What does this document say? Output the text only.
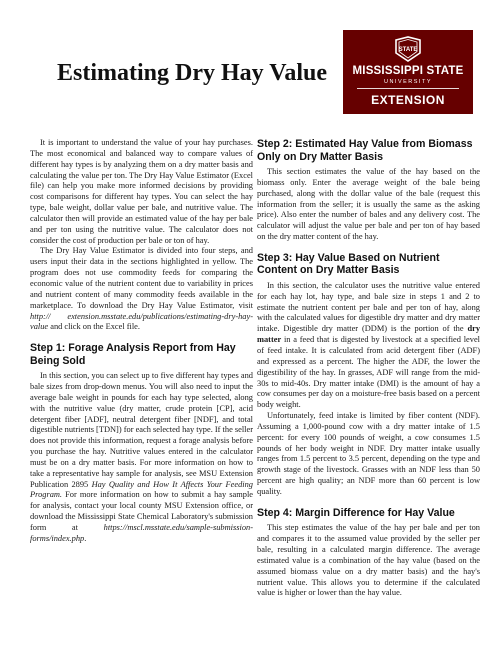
Estimating Dry Hay Value
STATE
MISSISSIPPI STATE
UNIVERSITY
EXTENSION

It is important to understand the value of your hay purchases. The most economical and balanced way to compare values of different hay types is by analyzing them on a dry matter basis and calculating the value per ton. The Dry Hay Value Estimator (Excel file) can help you make more informed decisions by providing cost comparisons for different hay types. You can select the hay type, bale weight, dollar value per bale, and nutritive value. The calculator then will provide an estimated value of the hay per bale and per ton using the nutritive value. The calculator does not consider the cost of production per bale or ton of hay.

The Dry Hay Value Estimator is divided into four steps, and users input their data in the sections highlighted in yellow. The program does not use commodity feeds for comparing the economic value of the nutrient content due to variability in prices and nutrient content of many commodity feeds available in the marketplace. To download the Dry Hay Value Estimator, visit http:// extension.msstate.edu/publications/estimating-dry-hay-value and click on the Excel file.

Step 1: Forage Analysis Report from Hay Being Sold

In this section, you can select up to five different hay types and bale sizes from drop-down menus. You will also need to input the average bale weight in pounds for each hay type selected, along with the nutritive value (dry matter, crude protein [CP], acid detergent fiber [ADF], neutral detergent fiber [NDF], and total digestible nutrients [TDN]) for each selected hay type. If the seller does not provide this information, request a forage analysis before you purchase the hay. Nutritive values entered in the calculator must be on a dry matter basis. For more information on how to take a representative hay sample for analysis, see MSU Extension Publication 2895 Hay Quality and How It Affects Your Feeding Program. For more information on how to submit a hay sample for analysis, contact your local county MSU Extension office, or download the Mississippi State Chemical Laboratory's submission form at	https://mscl.msstate.edu/sample-submission-forms/index.php.

Step 2: Estimated Hay Value from Biomass Only on Dry Matter Basis

This section estimates the value of the hay based on the biomass only. Enter the average weight of the bale being purchased, along with the dollar value of the bale (request this information from the seller; it is usually the same as the asking price). Also enter the number of bales and any delivery cost. The calculator will adjust the value per bale and per ton of hay based on the dry matter content of the hay.

Step 3: Hay Value Based on Nutrient Content on Dry Matter Basis

In this section, the calculator uses the nutritive value entered for each hay lot, hay type, and bale size in steps 1 and 2 to estimate the nutrient content per bale and per ton of hay, along with the calculated values for digestible dry matter and dry matter intake. Digestible dry matter (DDM) is the portion of the dry matter in a feed that is digested by livestock at a specified level of feed intake. It is calculated from acid detergent fiber (ADF) and expressed as a percent. The higher the ADF, the lower the digestibility of the hay. In grasses, ADF will range from the mid-30s to mid-40s. Dry matter intake (DMI) is the amount of hay a cow consumes per day on a moisture-free basis based on a percent body weight.

Unfortunately, feed intake is limited by fiber content (NDF). Assuming a 1,000-pound cow with a dry matter intake of 1.5 percent: for every 100 pounds of weight, a cow consumes 1.5 pounds of her body weight in NDF. Dry matter intake usually ranges from 1.5 percent to 3.5 percent, depending on the type and growth stage of the livestock. Grasses with an NDF less than 50 percent are high quality; an NDF more than 60 percent is low quality.

Step 4: Margin Difference for Hay Value

This step estimates the value of the hay per bale and per ton and compares it to the assumed value provided by the seller per bale, resulting in a calculated margin difference. The average estimated value is a combination of the hay value (based on the assumed biomass value on a dry matter basis) and the hay's nutrient value. This allows you to determine if the calculated value is higher or lower than the hay value.
